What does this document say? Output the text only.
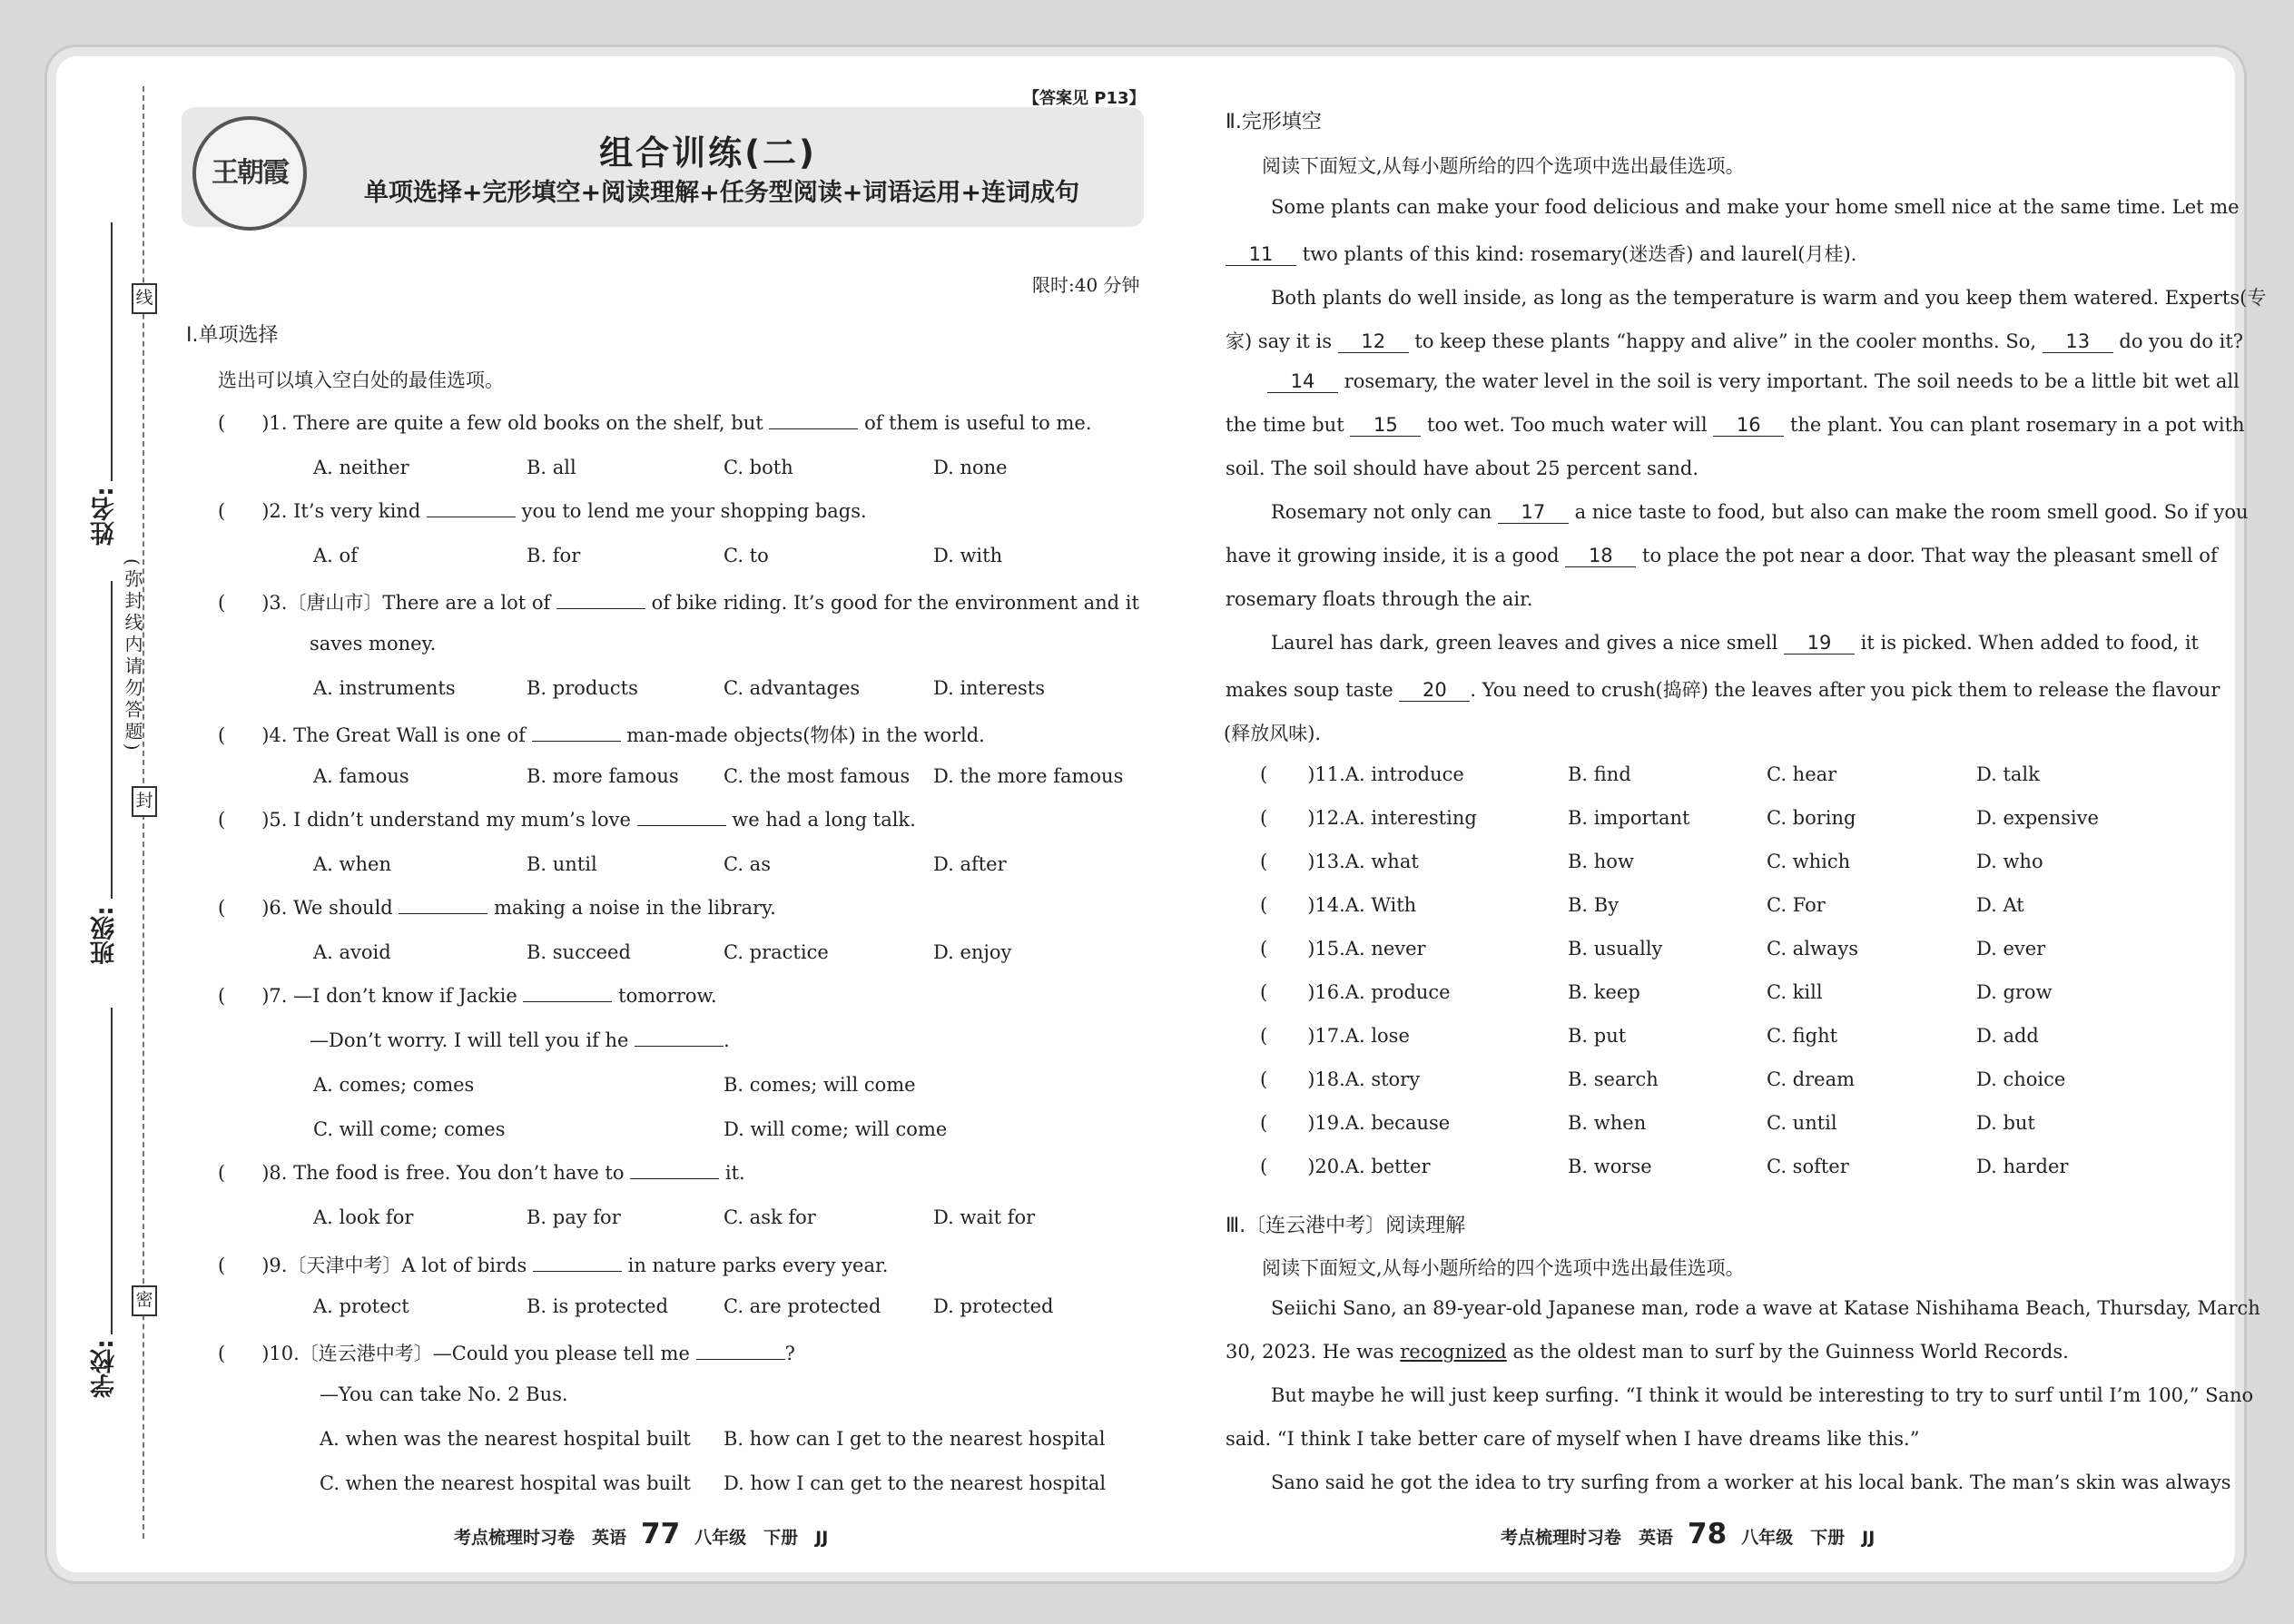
线
封
密
(弥封线内请勿答题)
姓名:
班级:
学校:
王朝霞
【答案见 P13】
组合训练(二)
单项选择+完形填空+阅读理解+任务型阅读+词语运用+连词成句
限时:40 分钟
Ⅰ.单项选择
选出可以填入空白处的最佳选项。
( )1. There are quite a few old books on the shelf, but	of them is useful to me.
A. neither	B. all	C. both	D. none
( )2. It’s very kind	you to lend me your shopping bags.
A. of	B. for	C. to	D. with
( )3.〔唐山市〕There are a lot of	of bike riding. It’s good for the environment and it
saves money.
A. instruments	B. products	C. advantages	D. interests
( )4. The Great Wall is one of	man-made objects(物体) in the world.
A. famous	B. more famous C. the most famous D. the more famous
( )5. I didn’t understand my mum’s love	we had a long talk.
A. when	B. until	C. as	D. after
( )6. We should	making a noise in the library.
A. avoid	B. succeed	C. practice	D. enjoy
( )7. —I don’t know if Jackie	tomorrow.
—Don’t worry. I will tell you if he	.
A. comes; comes	B. comes; will come
C. will come; comes	D. will come; will come
( )8. The food is free. You don’t have to	it.
A. look for	B. pay for	C. ask for	D. wait for
( )9.〔天津中考〕A lot of birds	in nature parks every year.
A. protect	B. is protected	C. are protected	D. protected
( )10.〔连云港中考〕—Could you please tell me	?
—You can take No. 2 Bus.
A. when was the nearest hospital built B. how can I get to the nearest hospital
C. when the nearest hospital was built D. how I can get to the nearest hospital
考点梳理时习卷　英语 77 八年级　下册　JJ
Ⅱ.完形填空
阅读下面短文,从每小题所给的四个选项中选出最佳选项。
Some plants can make your food delicious and make your home smell nice at the same time. Let me
11 two plants of this kind: rosemary(迷迭香) and laurel(月桂).
Both plants do well inside, as long as the temperature is warm and you keep them watered. Experts(专
家) say it is 12 to keep these plants “happy and alive” in the cooler months. So, 13 do you do it?
14 rosemary, the water level in the soil is very important. The soil needs to be a little bit wet all
the time but 15 too wet. Too much water will 16 the plant. You can plant rosemary in a pot with
soil. The soil should have about 25 percent sand.
Rosemary not only can 17 a nice taste to food, but also can make the room smell good. So if you
have it growing inside, it is a good 18 to place the pot near a door. That way the pleasant smell of
rosemary floats through the air.
Laurel has dark, green leaves and gives a nice smell 19 it is picked. When added to food, it
makes soup taste 20 . You need to crush(捣碎) the leaves after you pick them to release the flavour
(释放风味).
( )11.A. introduce	B. find	C. hear	D. talk
( )12.A. interesting	B. important	C. boring	D. expensive
( )13.A. what	B. how	C. which	D. who
( )14.A. With	B. By	C. For	D. At
( )15.A. never	B. usually	C. always	D. ever
( )16.A. produce	B. keep	C. kill	D. grow
( )17.A. lose	B. put	C. fight	D. add
( )18.A. story	B. search	C. dream	D. choice
( )19.A. because	B. when	C. until	D. but
( )20.A. better	B. worse	C. softer	D. harder
Ⅲ.〔连云港中考〕阅读理解
阅读下面短文,从每小题所给的四个选项中选出最佳选项。
Seiichi Sano, an 89-year-old Japanese man, rode a wave at Katase Nishihama Beach, Thursday, March
30, 2023. He was recognized as the oldest man to surf by the Guinness World Records.
But maybe he will just keep surfing. “I think it would be interesting to try to surf until I’m 100,” Sano
said. “I think I take better care of myself when I have dreams like this.”
Sano said he got the idea to try surfing from a worker at his local bank. The man’s skin was always
考点梳理时习卷　英语 78 八年级　下册　JJ
